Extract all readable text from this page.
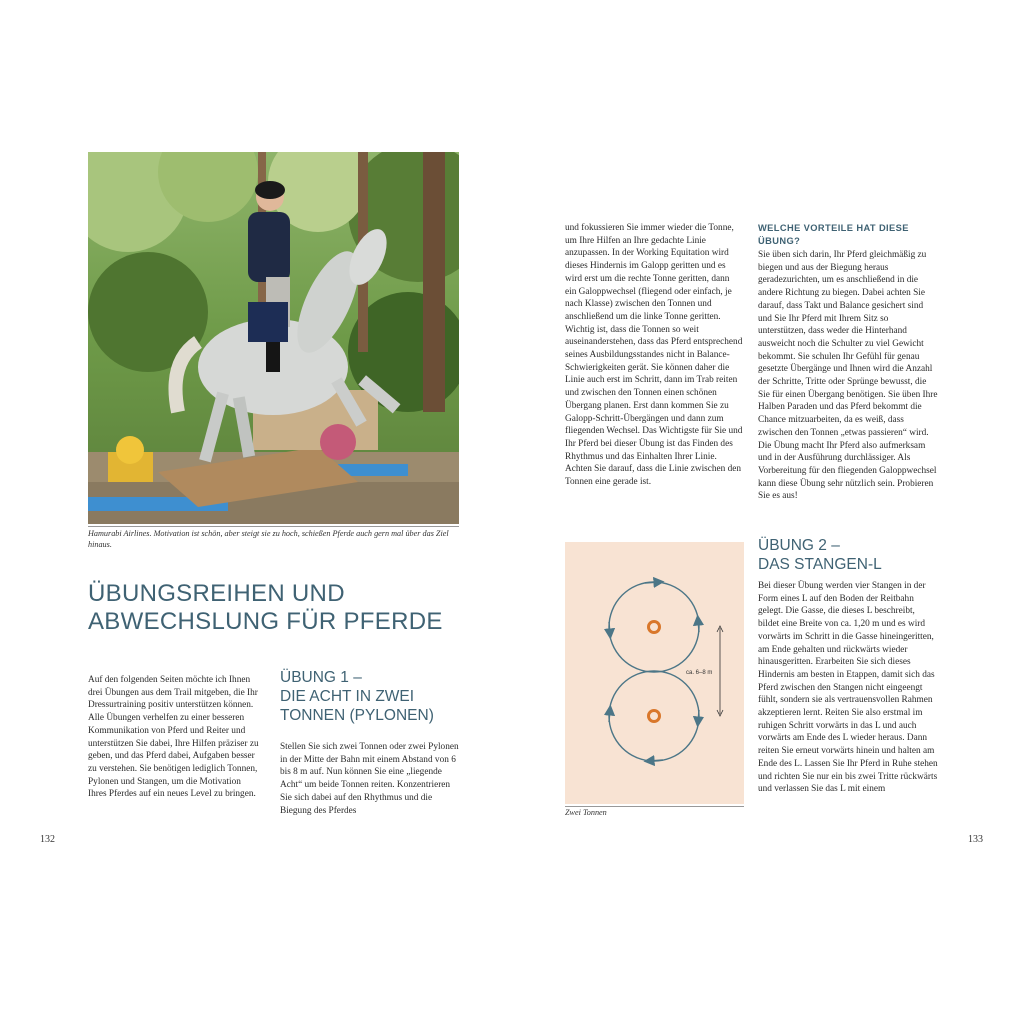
Hamurabi Airlines. Motivation ist schön, aber steigt sie zu hoch, schießen Pferde auch gern mal über das Ziel hinaus.
ÜBUNGSREIHEN UND
ABWECHSLUNG FÜR PFERDE

Auf den folgenden Seiten möchte ich Ihnen drei Übungen aus dem Trail mitgeben, die Ihr Dressurtraining positiv unterstützen können. Alle Übungen verhelfen zu einer besseren Kommunikation von Pferd und Reiter und unterstützen Sie dabei, Ihre Hilfen präziser zu geben, und das Pferd dabei, Aufgaben besser zu verstehen. Sie benötigen lediglich Tonnen, Pylonen und Stangen, um die Motivation Ihres Pferdes auf ein neues Level zu bringen.

ÜBUNG 1 –
DIE ACHT IN ZWEI
TONNEN (PYLONEN)

Stellen Sie sich zwei Tonnen oder zwei Pylonen in der Mitte der Bahn mit einem Abstand von 6 bis 8 m auf. Nun können Sie eine „liegende Acht“ um beide Tonnen reiten. Konzentrieren Sie sich dabei auf den Rhythmus und die Biegung des Pferdes

132

und fokussieren Sie immer wieder die Tonne, um Ihre Hilfen an Ihre gedachte Linie anzupassen. In der Working Equitation wird dieses Hindernis im Galopp geritten und es wird erst um die rechte Tonne geritten, dann ein Galoppwechsel (fliegend oder einfach, je nach Klasse) zwischen den Tonnen und anschließend um die linke Tonne geritten. Wichtig ist, dass die Tonnen so weit auseinanderstehen, dass das Pferd entsprechend seines Ausbildungsstandes nicht in Balance-Schwierigkeiten gerät. Sie können daher die Linie auch erst im Schritt, dann im Trab reiten und zwischen den Tonnen einen schönen Übergang planen. Erst dann kommen Sie zu Galopp-Schritt-Übergängen und dann zum fliegenden Wechsel. Das Wichtigste für Sie und Ihr Pferd bei dieser Übung ist das Finden des Rhythmus und das Einhalten Ihrer Linie. Achten Sie darauf, dass die Linie zwischen den Tonnen eine gerade ist.

WELCHE VORTEILE HAT DIESE
ÜBUNG?

Sie üben sich darin, Ihr Pferd gleichmäßig zu biegen und aus der Biegung heraus geradezurichten, um es anschließend in die andere Richtung zu biegen. Dabei achten Sie darauf, dass Takt und Balance gesichert sind und Sie Ihr Pferd mit Ihrem Sitz so unterstützen, dass weder die Hinterhand ausweicht noch die Schulter zu viel Gewicht bekommt. Sie schulen Ihr Gefühl für genau gesetzte Übergänge und Ihnen wird die Anzahl der Schritte, Tritte oder Sprünge bewusst, die Sie für einen Übergang benötigen. Sie üben Ihre Halben Paraden und das Pferd bekommt die Chance mitzuarbeiten, da es weiß, dass zwischen den Tonnen „etwas passieren“ wird. Die Übung macht Ihr Pferd also aufmerksam und in der Ausführung durchlässiger. Als Vorbereitung für den fliegenden Galoppwechsel kann diese Übung sehr nützlich sein. Probieren Sie es aus!

ca. 6–8 m
Zwei Tonnen
ÜBUNG 2 –
DAS STANGEN-L

Bei dieser Übung werden vier Stangen in der Form eines L auf den Boden der Reitbahn gelegt. Die Gasse, die dieses L beschreibt, bildet eine Breite von ca. 1,20 m und es wird vorwärts im Schritt in die Gasse hineingeritten, am Ende gehalten und rückwärts wieder hinausgeritten. Erarbeiten Sie sich dieses Hindernis am besten in Etappen, damit sich das Pferd zwischen den Stangen nicht eingeengt fühlt, sondern sie als vertrauensvollen Rahmen akzeptieren lernt. Reiten Sie also erstmal im ruhigen Schritt vorwärts in das L und auch vorwärts am Ende des L wieder heraus. Dann reiten Sie erneut vorwärts hinein und halten am Ende des L. Lassen Sie Ihr Pferd in Ruhe stehen und richten Sie nur ein bis zwei Tritte rückwärts und verlassen Sie das L mit einem

133
